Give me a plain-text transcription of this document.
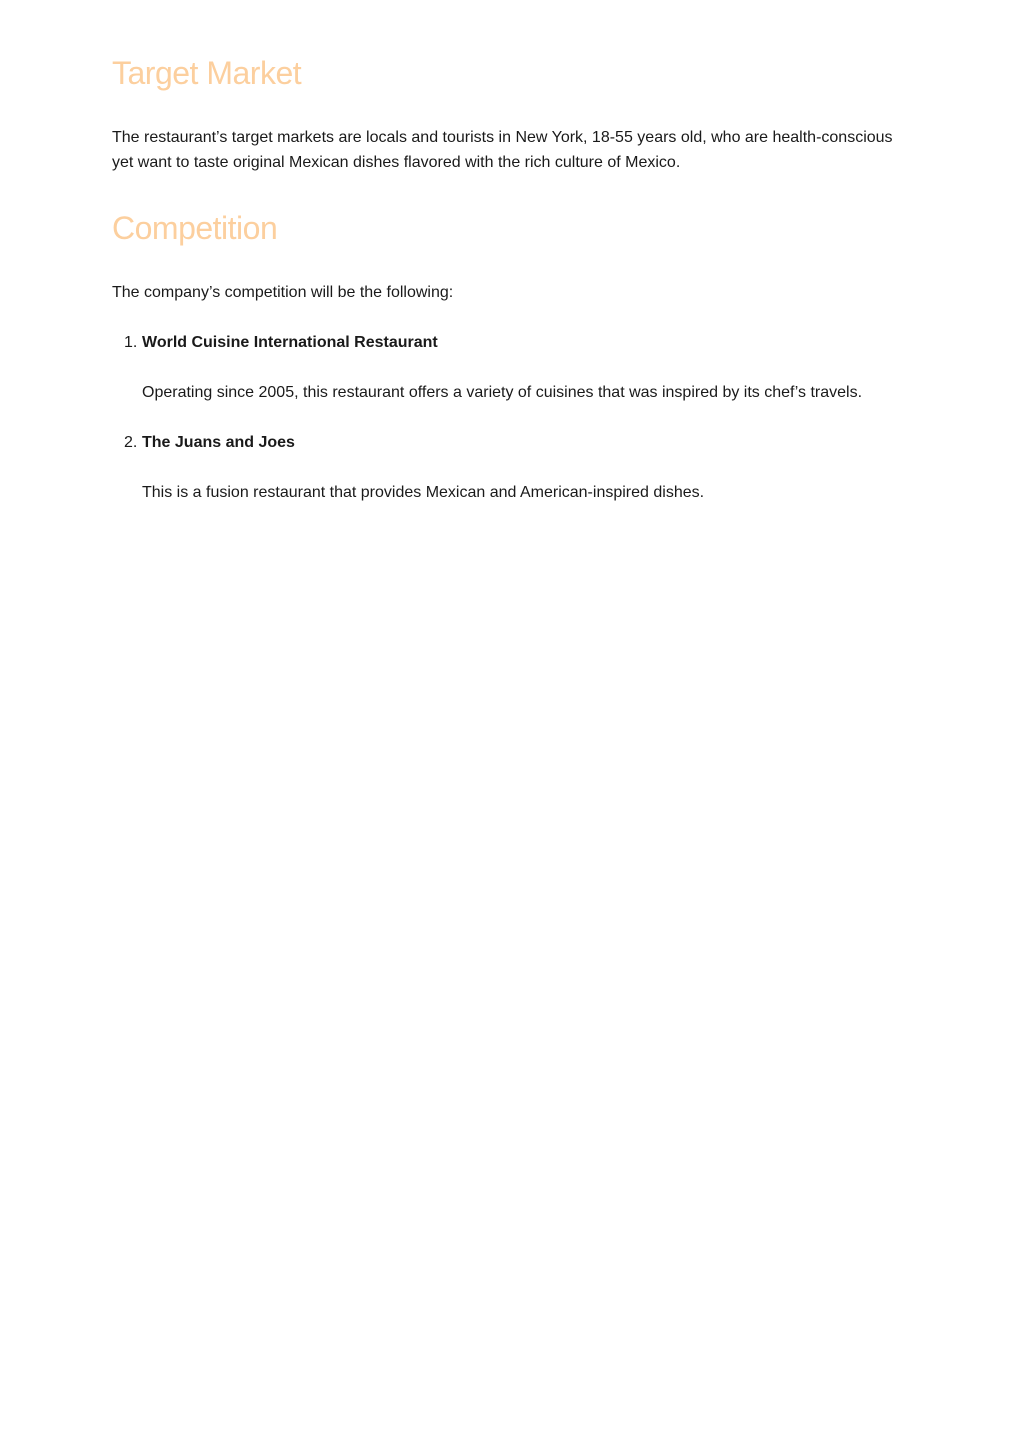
Target Market

The restaurant’s target markets are locals and tourists in New York, 18-55 years old, who are health-conscious yet want to taste original Mexican dishes flavored with the rich culture of Mexico.

Competition

The company’s competition will be the following:

1. World Cuisine International Restaurant

Operating since 2005, this restaurant offers a variety of cuisines that was inspired by its chef’s travels.

2. The Juans and Joes

This is a fusion restaurant that provides Mexican and American-inspired dishes.
